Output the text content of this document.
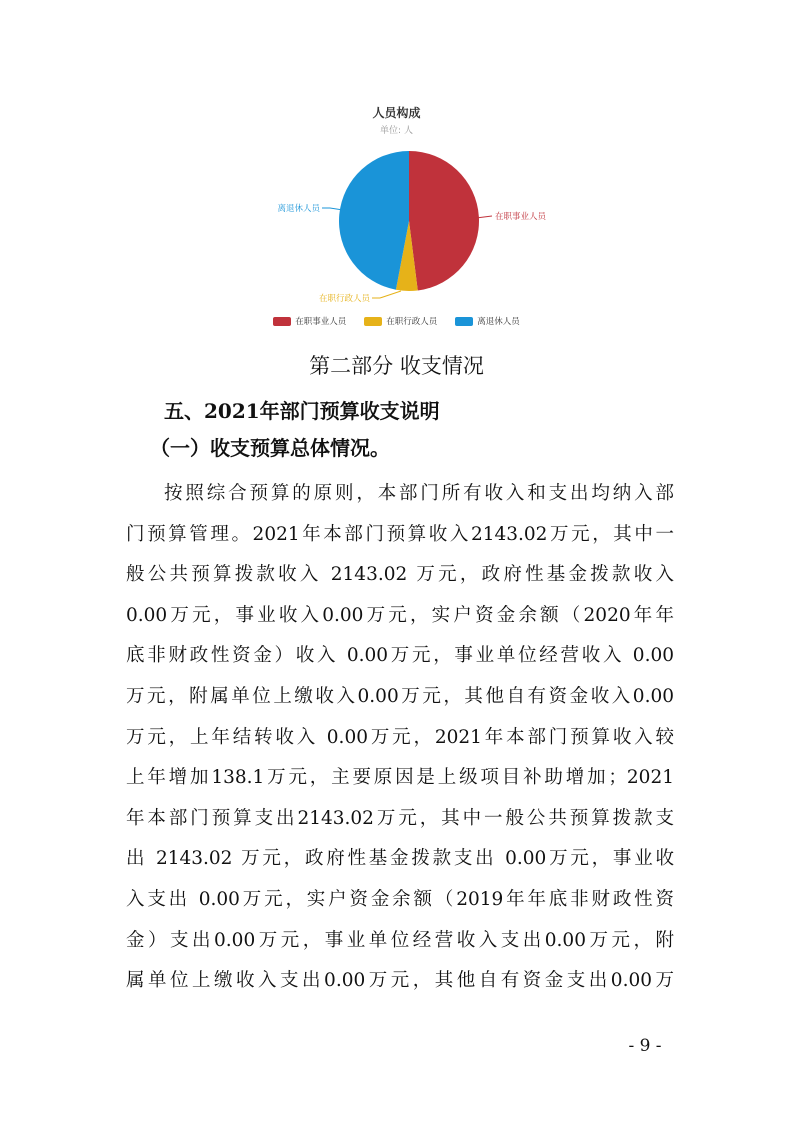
人员构成
单位: 人
在职事业人员
在职行政人员
离退休人员
在职事业人员	在职行政人员	离退休人员
第二部分 收支情况
五、2021年部门预算收支说明
（一）收支预算总体情况。
按照综合预算的原则，本部门所有收入和支出均纳入部
门预算管理。2021年本部门预算收入2143.02万元，其中一
般公共预算拨款收入 2143.02 万元，政府性基金拨款收入
0.00万元，事业收入0.00万元，实户资金余额（2020年年
底非财政性资金）收入 0.00万元，事业单位经营收入 0.00
万元，附属单位上缴收入0.00万元，其他自有资金收入0.00
万元，上年结转收入 0.00万元，2021年本部门预算收入较
上年增加138.1万元，主要原因是上级项目补助增加；2021
年本部门预算支出2143.02万元，其中一般公共预算拨款支
出 2143.02 万元，政府性基金拨款支出 0.00万元，事业收
入支出 0.00万元，实户资金余额（2019年年底非财政性资
金）支出0.00万元，事业单位经营收入支出0.00万元，附
属单位上缴收入支出0.00万元，其他自有资金支出0.00万
- 9 -
